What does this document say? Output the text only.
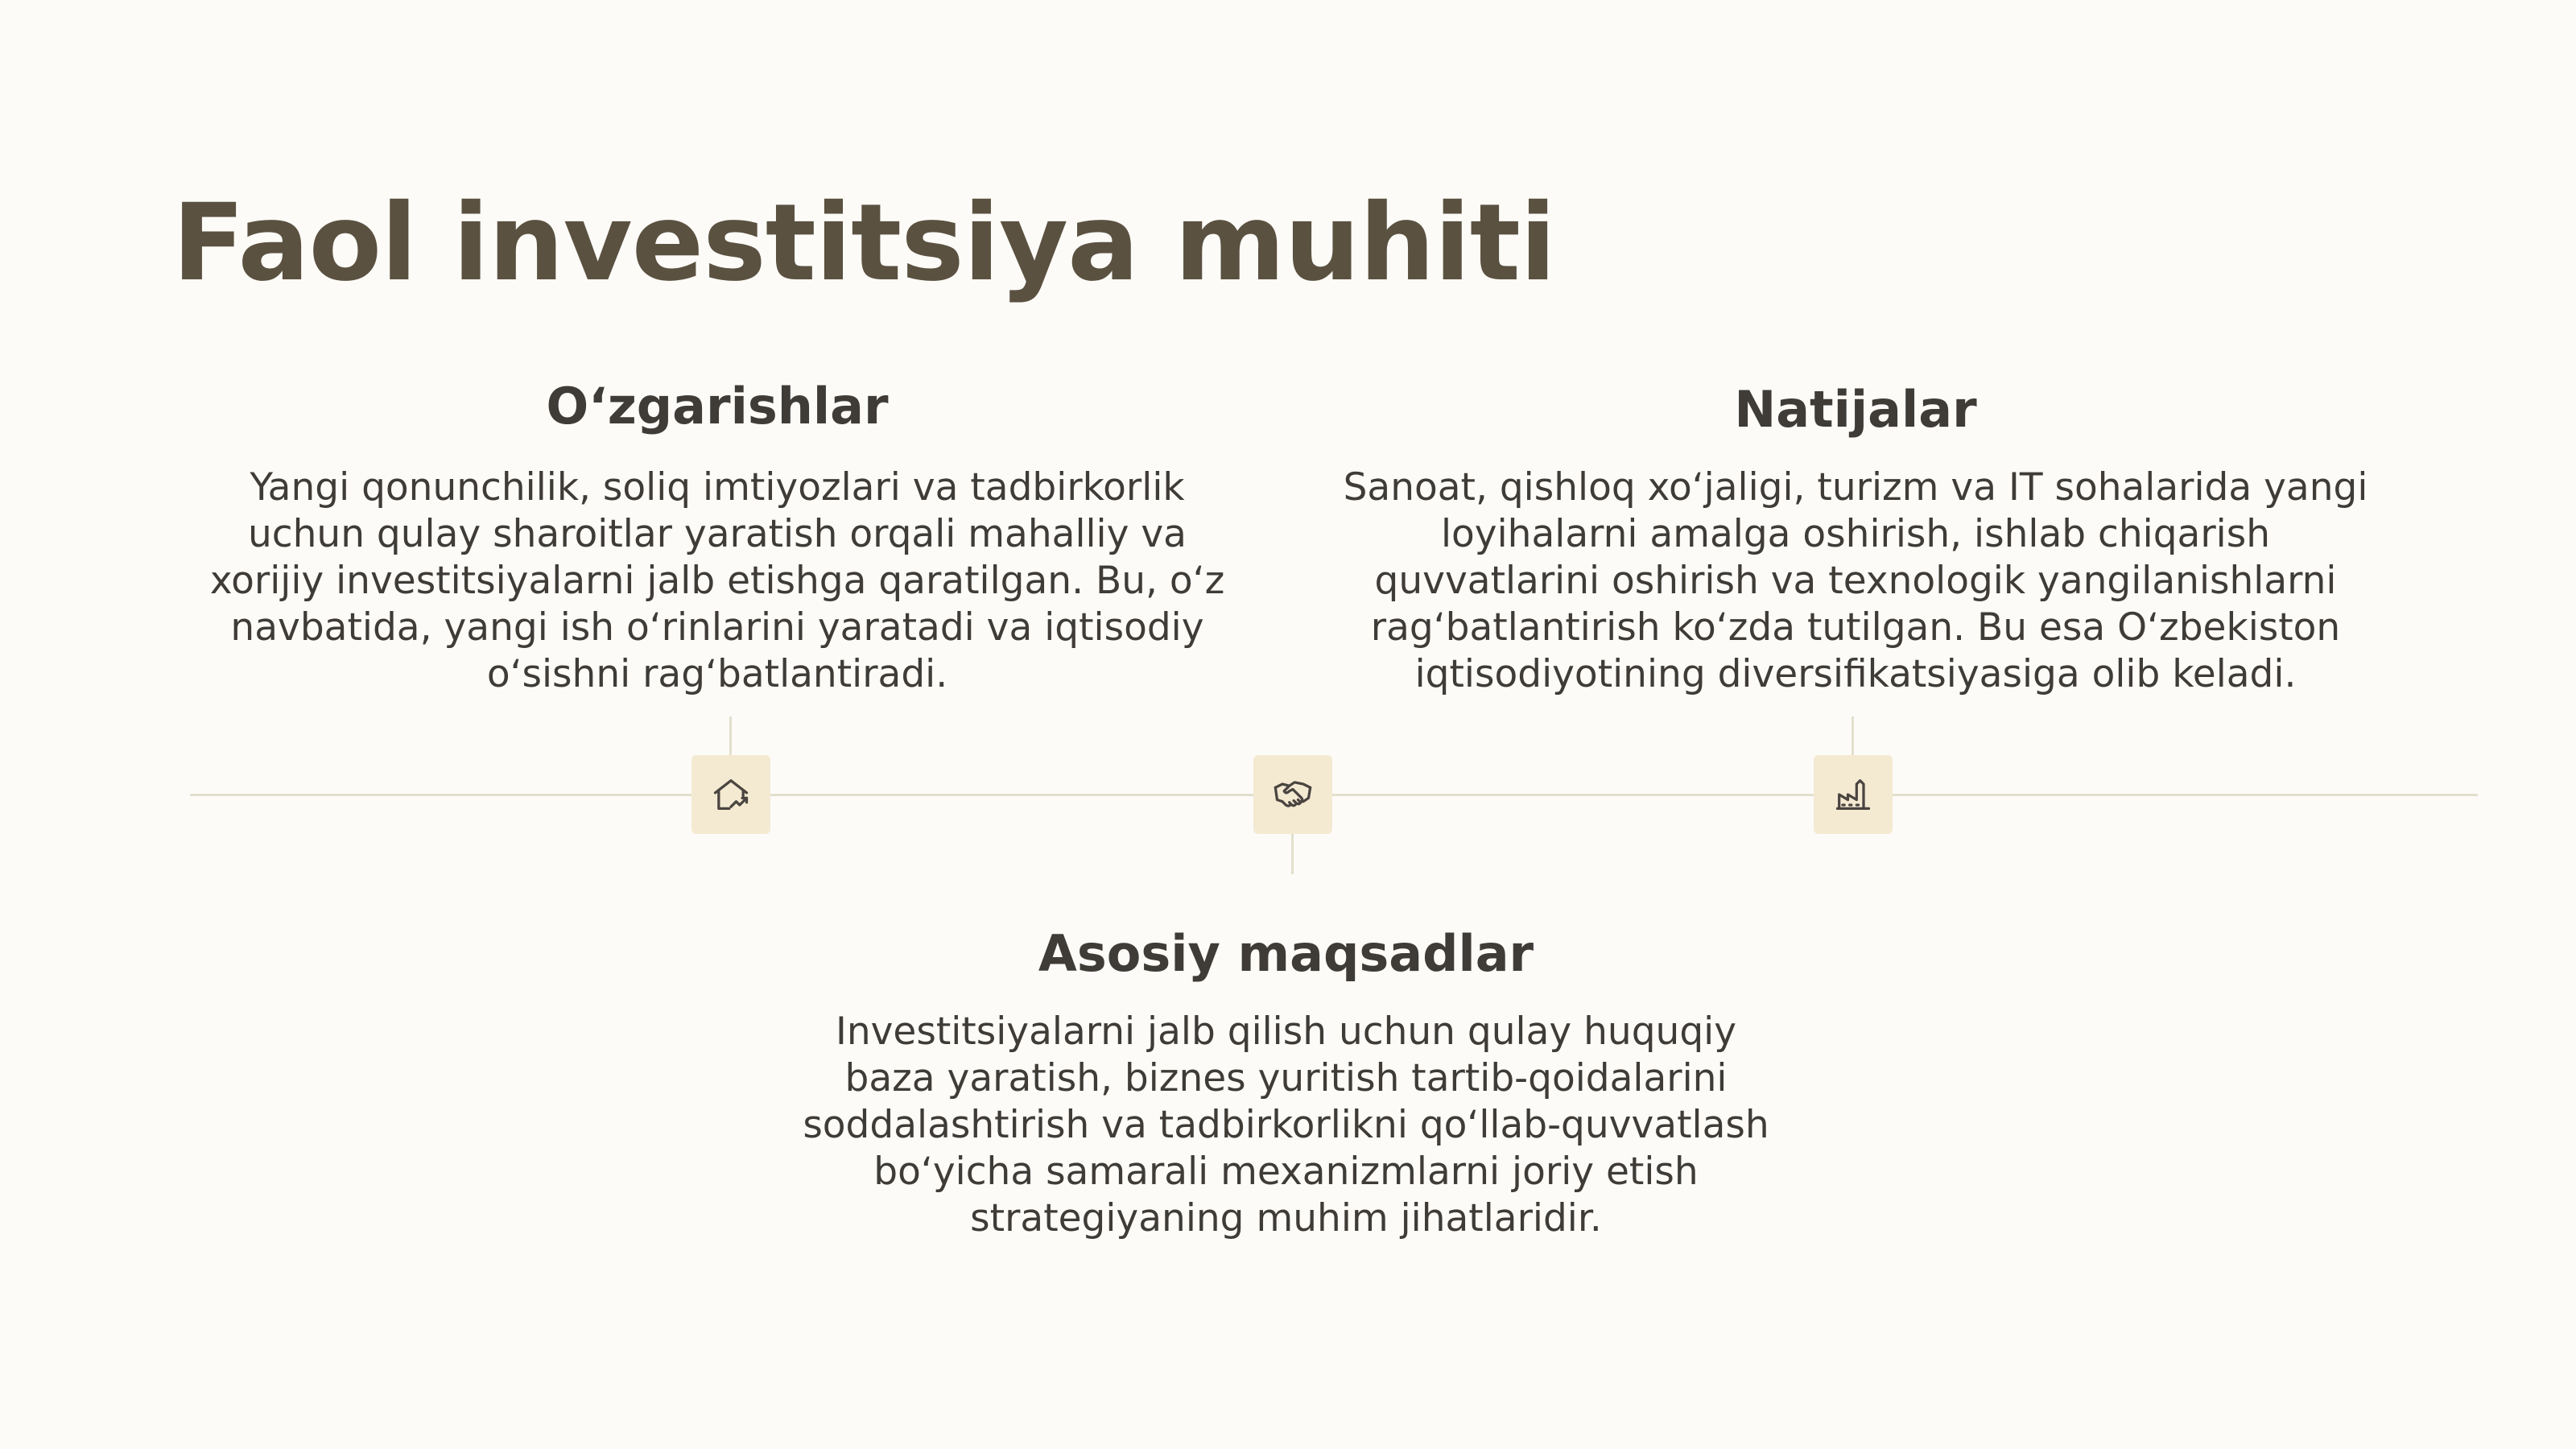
Faol investitsiya muhiti
O‘zgarishlar

Yangi qonunchilik, soliq imtiyozlari va tadbirkorlik uchun qulay sharoitlar yaratish orqali mahalliy va xorijiy investitsiyalarni jalb etishga qaratilgan. Bu, o‘z navbatida, yangi ish o‘rinlarini yaratadi va iqtisodiy o‘sishni rag‘batlantiradi.

Natijalar

Sanoat, qishloq xo‘jaligi, turizm va IT sohalarida yangi loyihalarni amalga oshirish, ishlab chiqarish quvvatlarini oshirish va texnologik yangilanishlarni rag‘batlantirish ko‘zda tutilgan. Bu esa O‘zbekiston iqtisodiyotining diversifikatsiyasiga olib keladi.

Asosiy maqsadlar

Investitsiyalarni jalb qilish uchun qulay huquqiy baza yaratish, biznes yuritish tartib-qoidalarini soddalashtirish va tadbirkorlikni qo‘llab-quvvatlash bo‘yicha samarali mexanizmlarni joriy etish strategiyaning muhim jihatlaridir.
